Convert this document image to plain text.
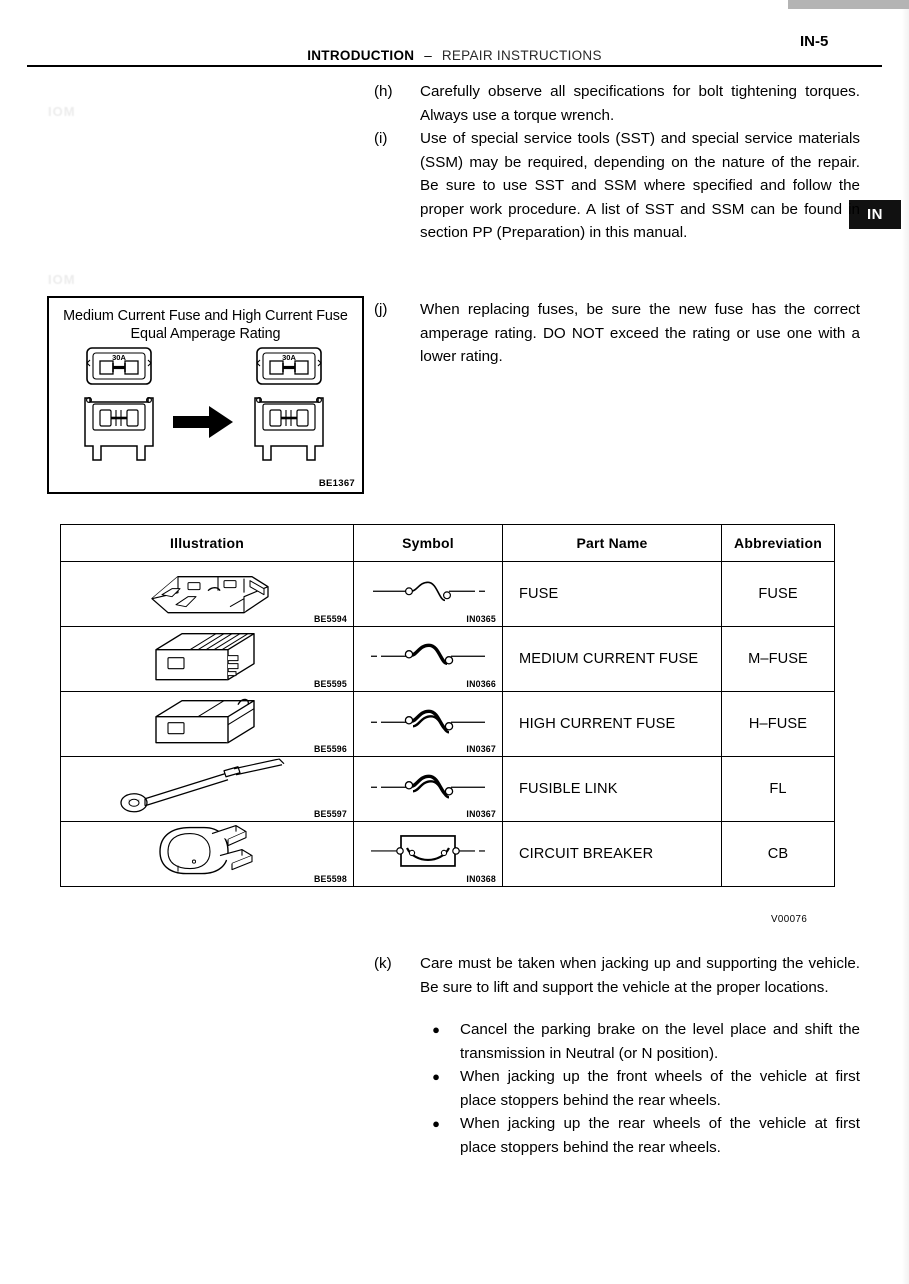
IOM
IOM
IN-5
INTRODUCTION – REPAIR INSTRUCTIONS
IN
(h)	Carefully observe all specifications for bolt tightening torques. Always use a torque wrench.
(i)	Use of special service tools (SST) and special service materials (SSM) may be required, depending on the nature of the repair. Be sure to use SST and SSM where specified and follow the proper work procedure. A list of SST and SSM can be found in section PP (Preparation) in this manual.
(j)	When replacing fuses, be sure the new fuse has the correct amperage rating. DO NOT exceed the rating or use one with a lower rating.
Medium Current Fuse and High Current Fuse
Equal Amperage Rating
30A	30A
BE1367
Illustration	Symbol	Part Name	Abbreviation

BE5594	IN0365	FUSE	FUSE

BE5595	IN0366	MEDIUM CURRENT FUSE	M–FUSE

BE5596	IN0367	HIGH CURRENT FUSE	H–FUSE

BE5597	IN0367	FUSIBLE LINK	FL

BE5598	IN0368	CIRCUIT BREAKER	CB
V00076
(k)	Care must be taken when jacking up and supporting the vehicle. Be sure to lift and support the vehicle at the proper locations.
●	Cancel the parking brake on the level place and shift the transmission in Neutral (or N position).
●	When jacking up the front wheels of the vehicle at first place stoppers behind the rear wheels.
●	When jacking up the rear wheels of the vehicle at first place stoppers behind the rear wheels.
